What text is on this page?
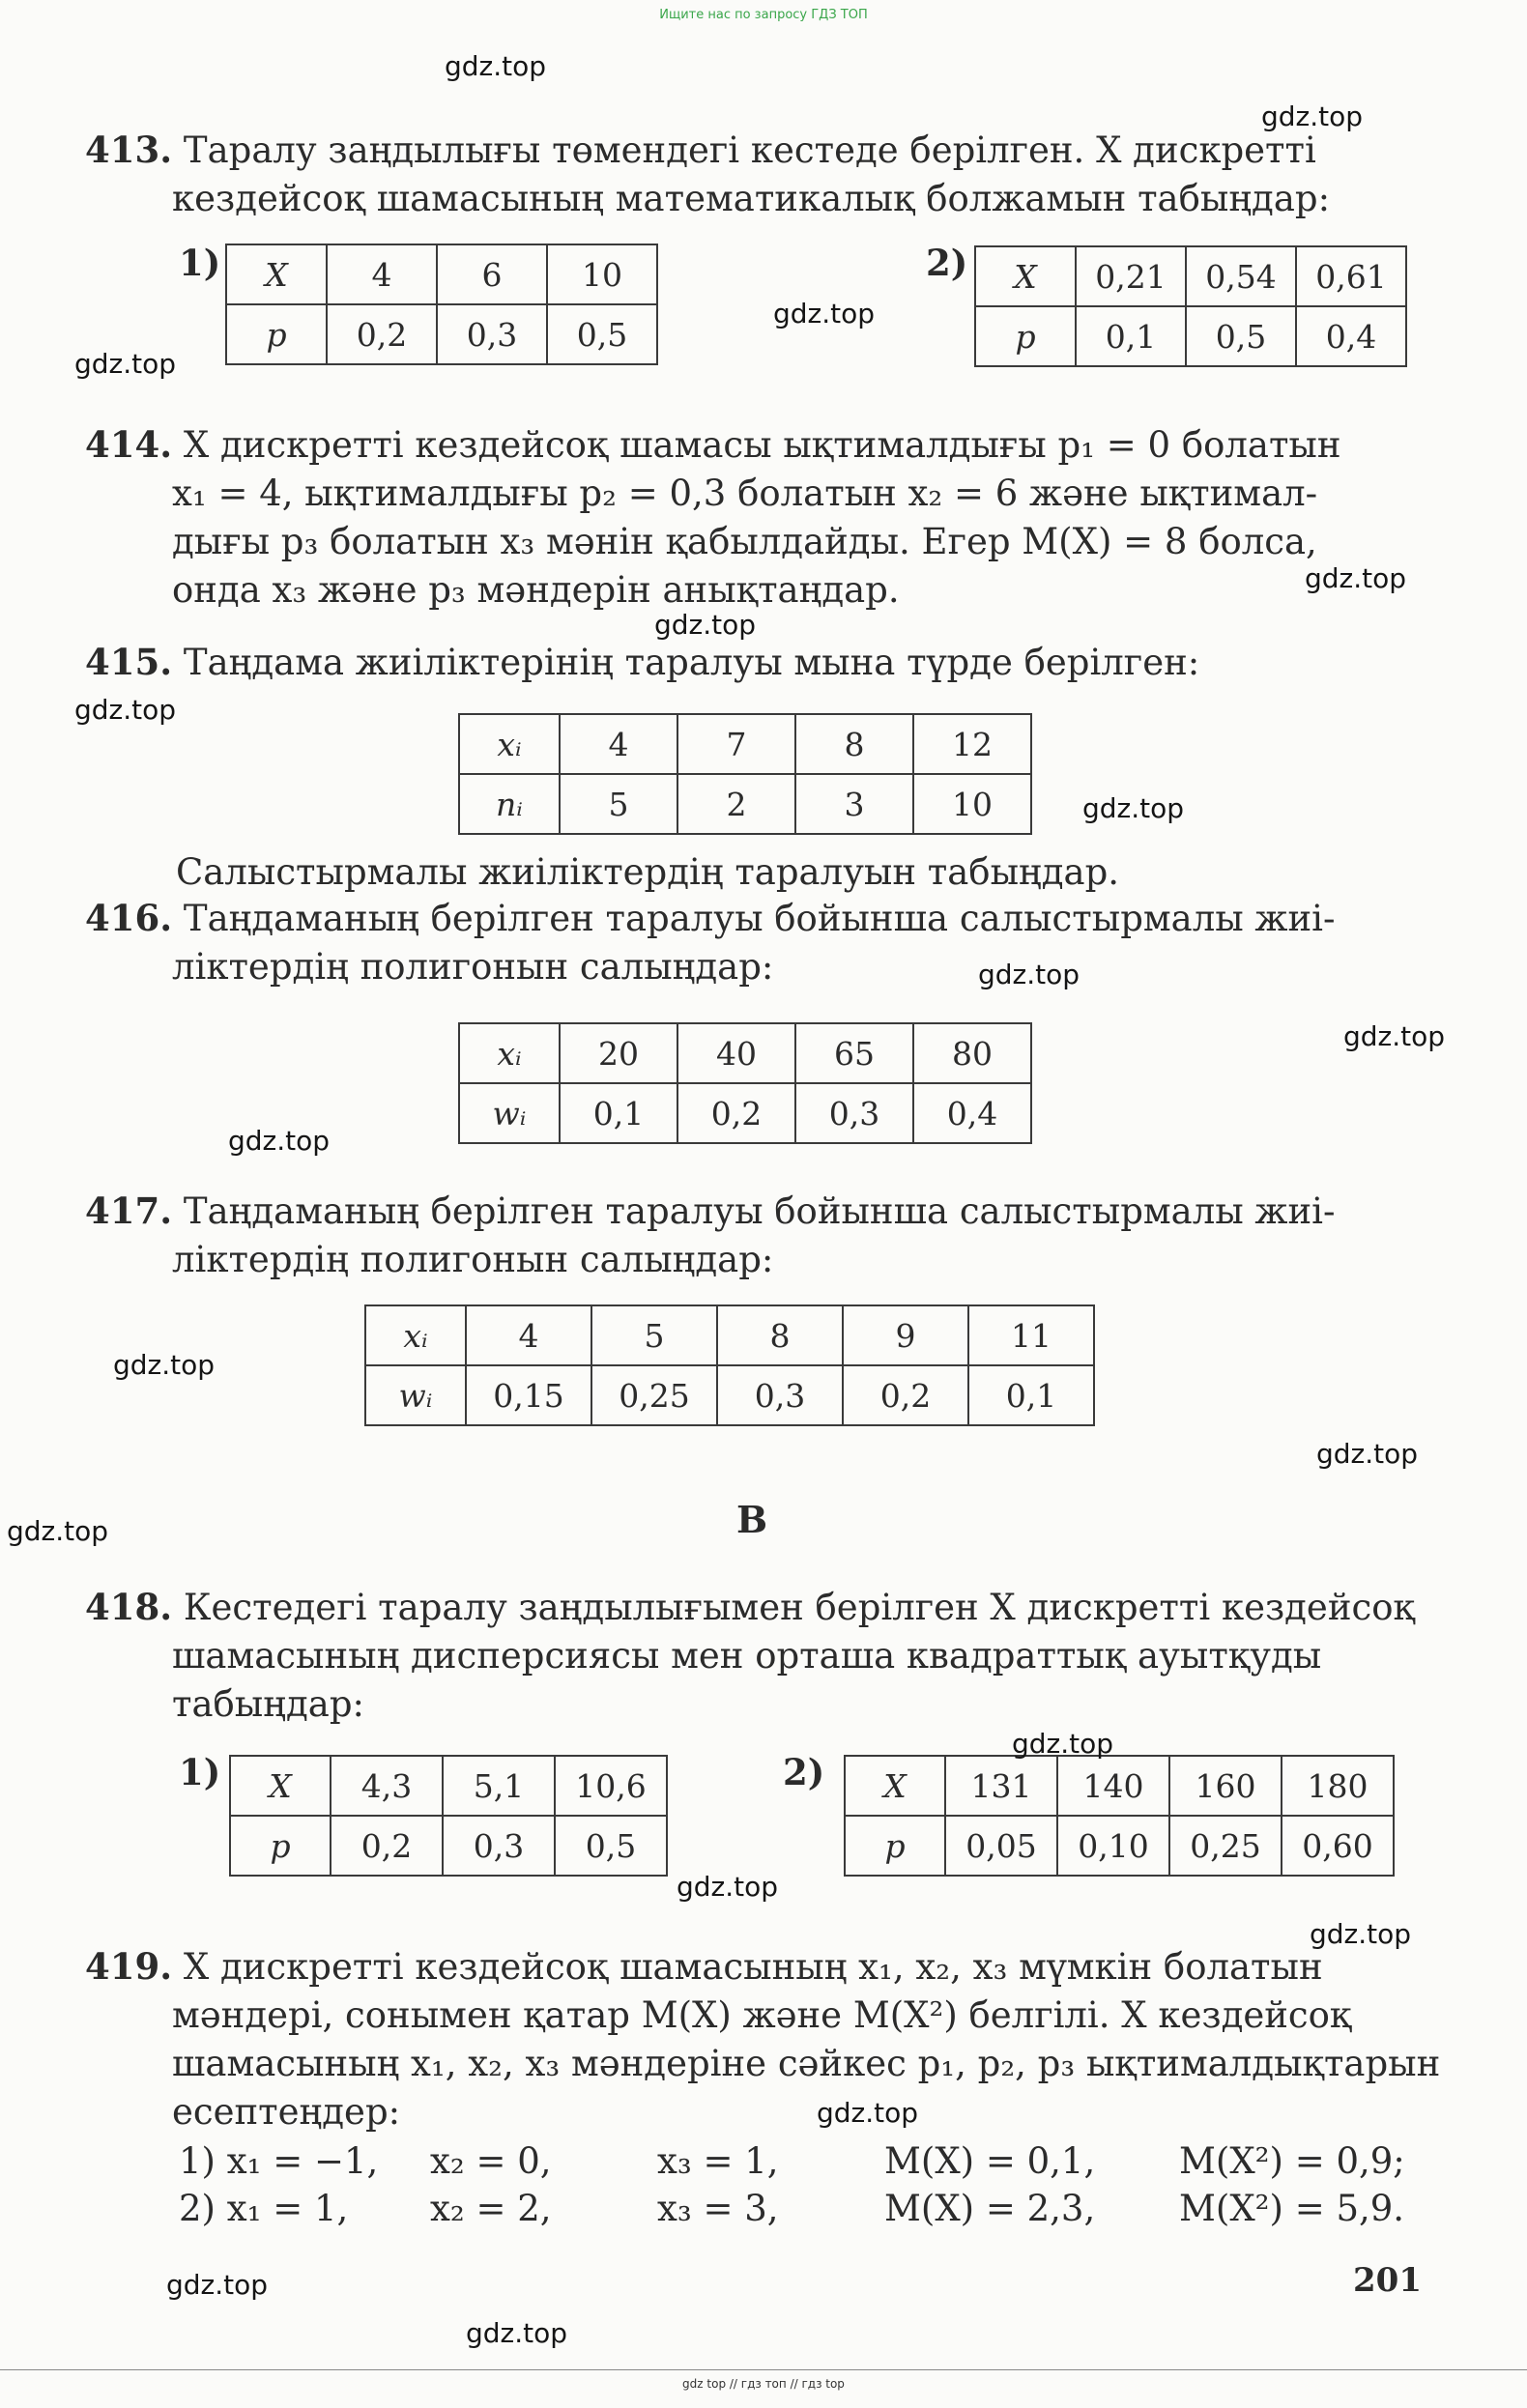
Ищите нас по запросу ГДЗ ТОП
413. Таралу заңдылығы төмендегі кестеде берілген. X дискретті
кездейсоқ шамасының математикалық болжамын табыңдар:
1) X	4	6	10
p	0,2	0,3	0,5
2) X	0,21	0,54	0,61
p	0,1	0,5	0,4
414. X дискретті кездейсоқ шамасы ықтималдығы p₁ = 0 болатын
x₁ = 4, ықтималдығы p₂ = 0,3 болатын x₂ = 6 және ықтимал-
дығы p₃ болатын x₃ мәнін қабылдайды. Егер M(X) = 8 болса,
онда x₃ және p₃ мәндерін анықтаңдар.
415. Таңдама жиіліктерінің таралуы мына түрде берілген:
xᵢ	4	7	8	12
nᵢ	5	2	3	10
Салыстырмалы жиіліктердің таралуын табыңдар.
416. Таңдаманың берілген таралуы бойынша салыстырмалы жиі-
ліктердің полигонын салыңдар:
xᵢ	20	40	65	80
wᵢ	0,1	0,2	0,3	0,4
417. Таңдаманың берілген таралуы бойынша салыстырмалы жиі-
ліктердің полигонын салыңдар:
xᵢ	4	5	8	9	11
wᵢ	0,15	0,25	0,3	0,2	0,1
B
418. Кестедегі таралу заңдылығымен берілген X дискретті кездейсоқ
шамасының дисперсиясы мен орташа квадраттық ауытқуды
табыңдар:
1) X	4,3	5,1	10,6
p	0,2	0,3	0,5
2) X	131	140	160	180
p	0,05	0,10	0,25	0,60
419. X дискретті кездейсоқ шамасының x₁, x₂, x₃ мүмкін болатын
мәндері, сонымен қатар M(X) және M(X²) белгілі. X кездейсоқ
шамасының x₁, x₂, x₃ мәндеріне сәйкес p₁, p₂, p₃ ықтималдықтарын
есептеңдер:
1) x₁ = −1, x₂ = 0,	x₃ = 1,	M(X) = 0,1, M(X²) = 0,9;
2) x₁ = 1, x₂ = 2,	x₃ = 3,	M(X) = 2,3, M(X²) = 5,9.
201
gdz.top
gdz.top
gdz.top
gdz.top
gdz.top
gdz.top
gdz.top
gdz.top
gdz.top
gdz.top
gdz.top
gdz.top
gdz.top
gdz.top
gdz.top
gdz.top
gdz.top
gdz.top
gdz.top
gdz.top
gdz top // гдз топ // гдз top
